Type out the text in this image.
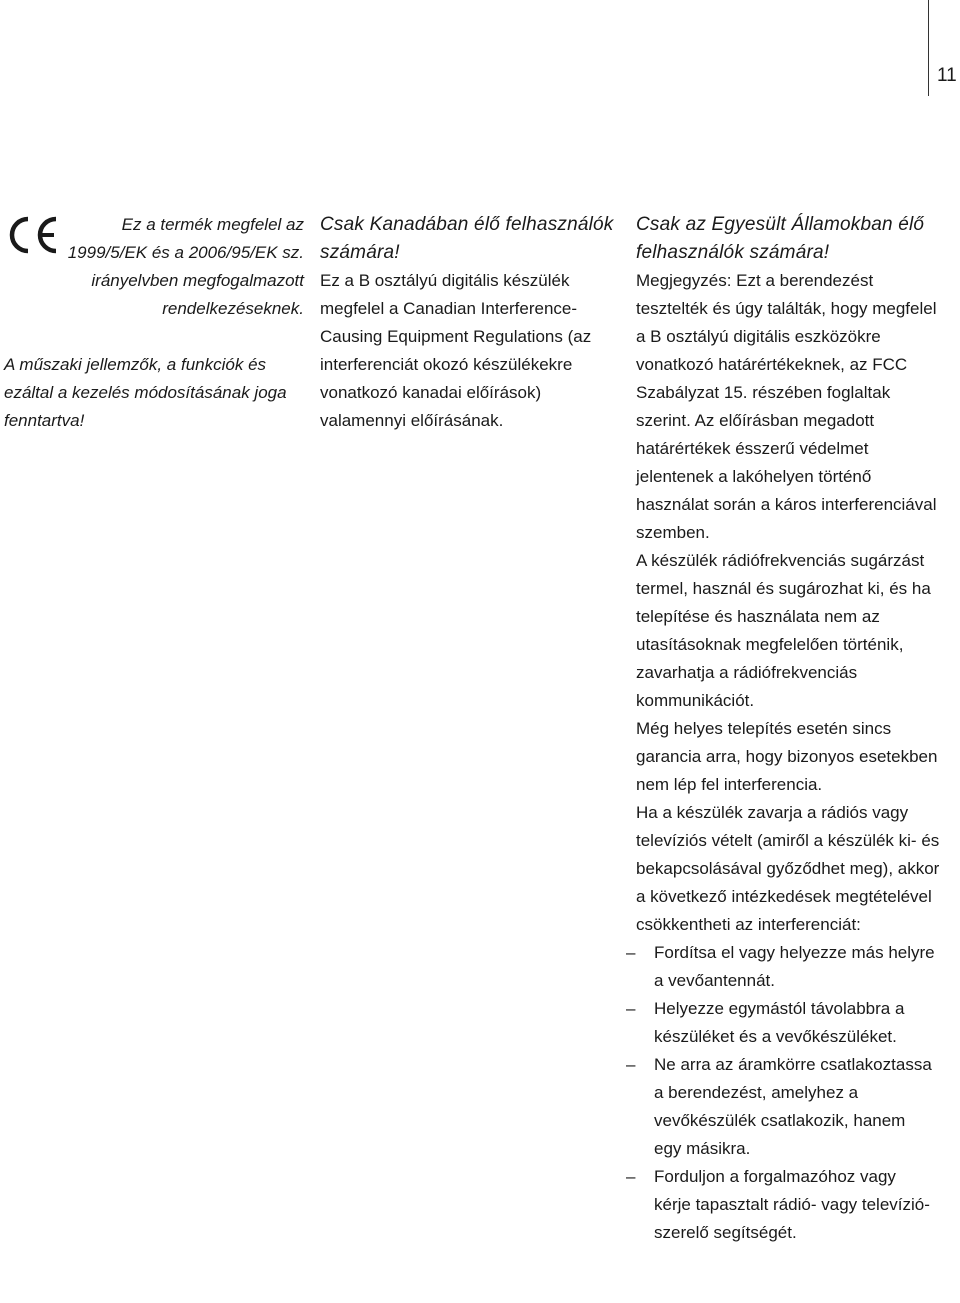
11

Ez a termék megfelel az 1999/5/EK és a 2006/95/EK sz. irányelvben megfogalmazott rendelkezéseknek.

A műszaki jellemzők, a funkciók és ezáltal a kezelés módosításának joga fenntartva!

Csak Kanadában élő felhasználók számára!

Ez a B osztályú digitális készülék megfelel a Canadian Interference-Causing Equipment Regulations (az interferenciát okozó készülékekre vonatkozó kanadai előírások) valamennyi előírásának.

Csak az Egyesült Államokban élő felhasználók számára!

Megjegyzés: Ezt a berendezést tesztelték és úgy találták, hogy megfelel a B osztályú digitális eszközökre vonatkozó határértékeknek, az FCC Szabályzat 15. részében foglaltak szerint. Az előírásban megadott határértékek ésszerű védelmet jelentenek a lakóhelyen történő használat során a káros interferenciával szemben.

A készülék rádiófrekvenciás sugárzást termel, használ és sugározhat ki, és ha telepítése és használata nem az utasításoknak megfelelően történik, zavarhatja a rádiófrekvenciás kommunikációt.

Még helyes telepítés esetén sincs garancia arra, hogy bizonyos esetekben nem lép fel interferencia.

Ha a készülék zavarja a rádiós vagy televíziós vételt (amiről a készülék ki- és bekapcsolásával győződhet meg), akkor a következő intézkedések megtételével csökkentheti az interferenciát:

– Fordítsa el vagy helyezze más helyre a vevőantennát.
– Helyezze egymástól távolabbra a készüléket és a vevőkészüléket.
– Ne arra az áramkörre csatlakoztassa a berendezést, amelyhez a vevőkészülék csatlakozik, hanem egy másikra.
– Forduljon a forgalmazóhoz vagy kérje tapasztalt rádió- vagy televízió-szerelő segítségét.
